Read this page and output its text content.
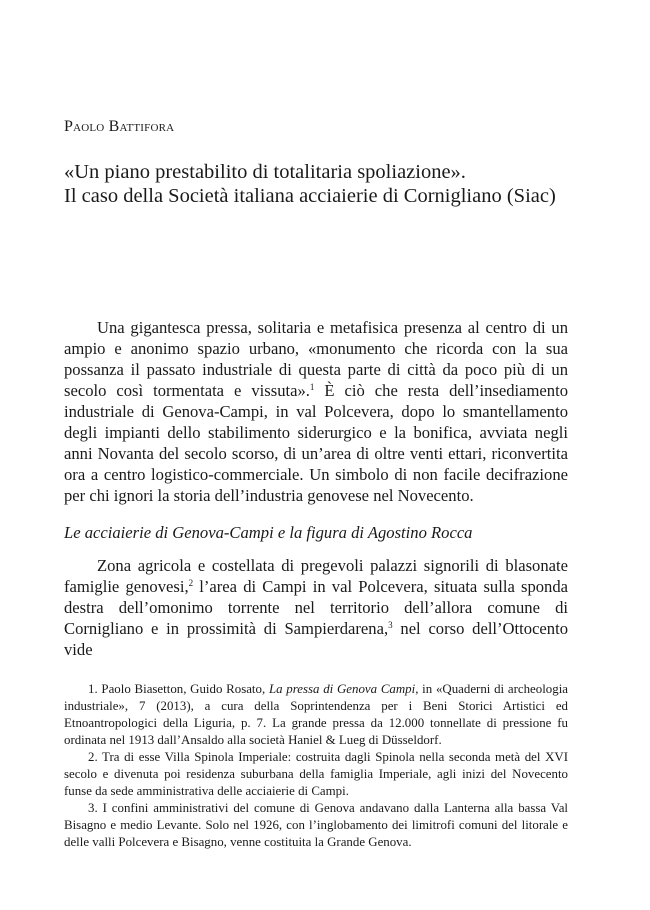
Paolo Battifora
«Un piano prestabilito di totalitaria spoliazione».
Il caso della Società italiana acciaierie di Cornigliano (Siac)

Una gigantesca pressa, solitaria e metafisica presenza al centro di un ampio e anonimo spazio urbano, «monumento che ricorda con la sua possanza il passato industriale di questa parte di città da poco più di un secolo così tormentata e vissuta».$^1$ È ciò che resta dell’insediamento industriale di Genova-Campi, in val Polcevera, dopo lo smantellamento degli impianti dello stabilimento siderurgico e la bonifica, avviata negli anni Novanta del secolo scorso, di un’area di oltre venti ettari, riconvertita ora a centro logistico-commerciale. Un simbolo di non facile decifrazione per chi ignori la storia dell’industria genovese nel Novecento.

Le acciaierie di Genova-Campi e la figura di Agostino Rocca

Zona agricola e costellata di pregevoli palazzi signorili di blasonate famiglie genovesi,$^2$ l’area di Campi in val Polcevera, situata sulla sponda destra dell’omonimo torrente nel territorio dell’allora comune di Cornigliano e in prossimità di Sampierdarena,$^3$ nel corso dell’Ottocento vide

1. Paolo Biasetton, Guido Rosato, La pressa di Genova Campi, in «Quaderni di archeologia industriale», 7 (2013), a cura della Soprintendenza per i Beni Storici Artistici ed Etnoantropologici della Liguria, p. 7. La grande pressa da 12.000 tonnellate di pressione fu ordinata nel 1913 dall’Ansaldo alla società Haniel & Lueg di Düsseldorf.

2. Tra di esse Villa Spinola Imperiale: costruita dagli Spinola nella seconda metà del XVI secolo e divenuta poi residenza suburbana della famiglia Imperiale, agli inizi del Novecento funse da sede amministrativa delle acciaierie di Campi.

3. I confini amministrativi del comune di Genova andavano dalla Lanterna alla bassa Val Bisagno e medio Levante. Solo nel 1926, con l’inglobamento dei limitrofi comuni del litorale e delle valli Polcevera e Bisagno, venne costituita la Grande Genova.
